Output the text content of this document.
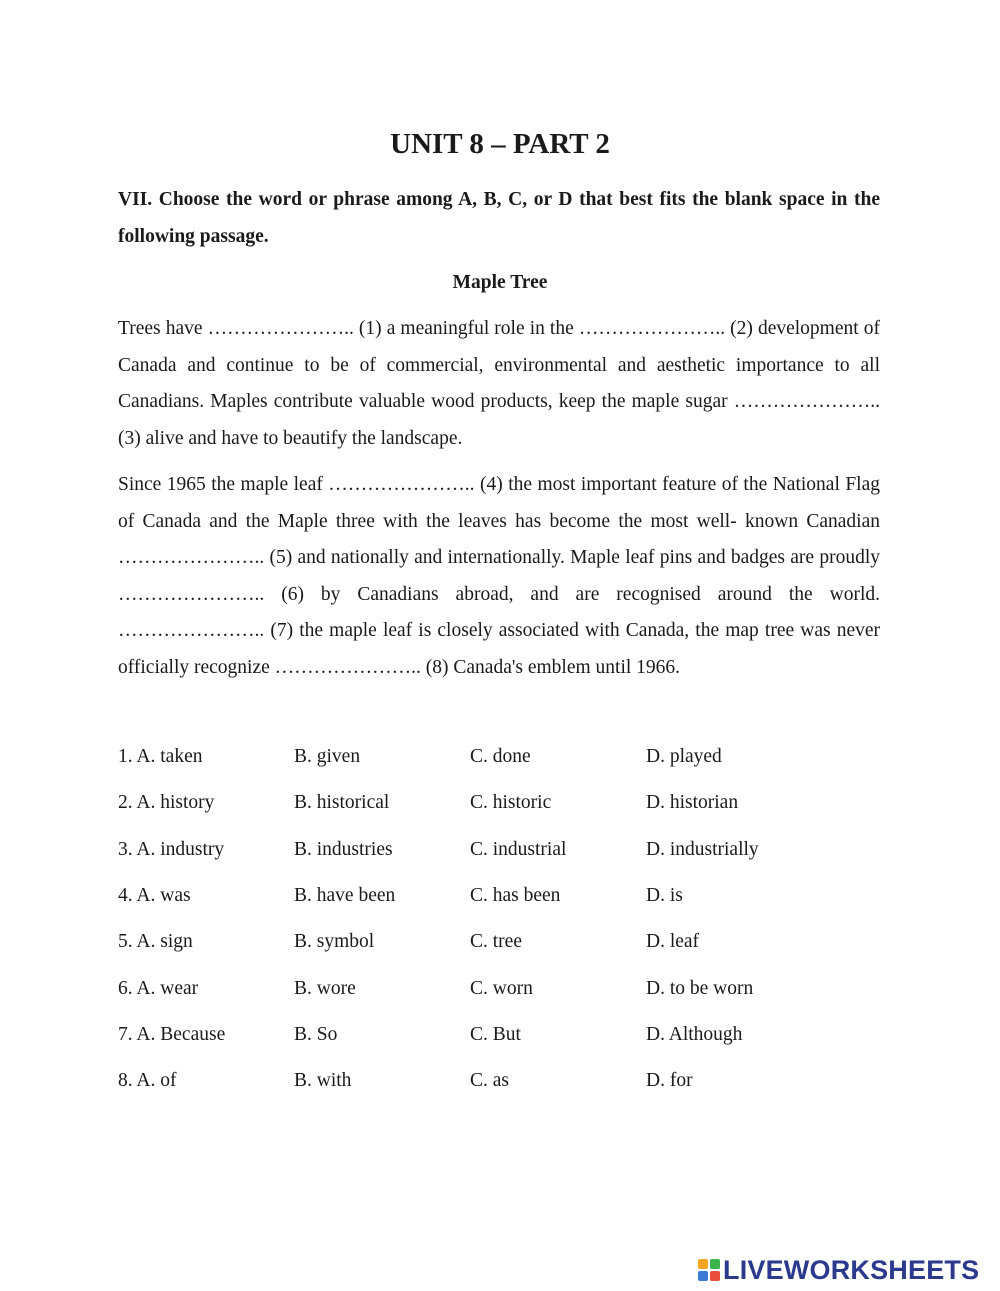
UNIT 8 – PART 2

VII. Choose the word or phrase among A, B, C, or D that best fits the blank space in the following passage.

Maple Tree

Trees have ………………….. (1) a meaningful role in the ………………….. (2) development of Canada and continue to be of commercial, environmental and aesthetic importance to all Canadians. Maples contribute valuable wood products, keep the maple sugar ………………….. (3) alive and have to beautify the landscape.

Since 1965 the maple leaf ………………….. (4) the most important feature of the National Flag of Canada and the Maple three with the leaves has become the most well- known Canadian ………………….. (5) and nationally and internationally. Maple leaf pins and badges are proudly ………………….. (6) by Canadians abroad, and are recognised around the world. ………………….. (7) the maple leaf is closely associated with Canada, the map tree was never officially recognize ………………….. (8) Canada's emblem until 1966.

1. A. taken	B. given	C. done	D. played
2. A. history	B. historical	C. historic	D. historian
3. A. industry	B. industries	C. industrial	D. industrially
4. A. was	B. have been	C. has been	D. is
5. A. sign	B. symbol	C. tree	D. leaf
6. A. wear	B. wore	C. worn	D. to be worn
7. A. Because	B. So	C. But	D. Although
8. A. of	B. with	C. as	D. for
LIVEWORKSHEETS
